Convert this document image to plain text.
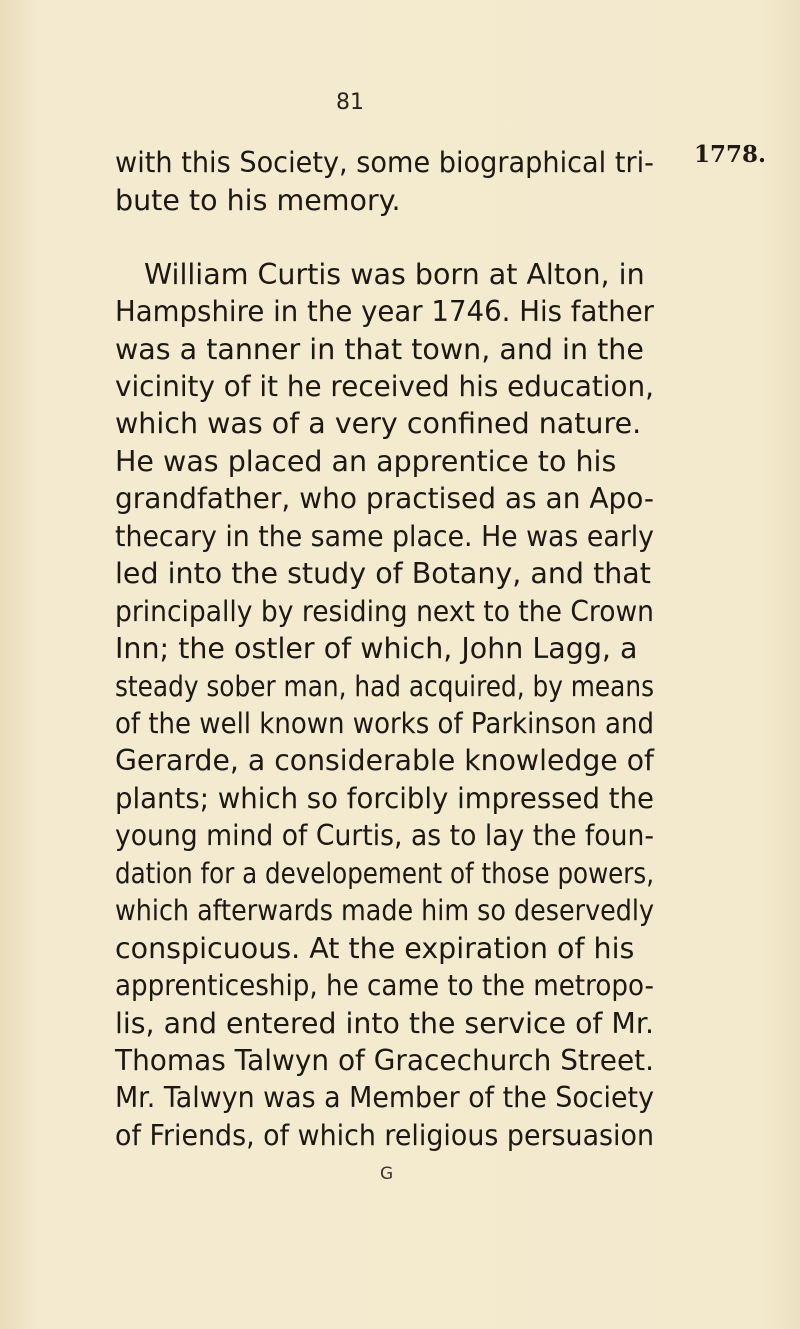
81
1778.
with this Society, some biographical tri-
bute to his memory.
William Curtis was born at Alton, in
Hampshire in the year 1746. His father
was a tanner in that town, and in the
vicinity of it he received his education,
which was of a very confined nature.
He was placed an apprentice to his
grandfather, who practised as an Apo-
thecary in the same place. He was early
led into the study of Botany, and that
principally by residing next to the Crown
Inn; the ostler of which, John Lagg, a
steady sober man, had acquired, by means
of the well known works of Parkinson and
Gerarde, a considerable knowledge of
plants; which so forcibly impressed the
young mind of Curtis, as to lay the foun-
dation for a developement of those powers,
which afterwards made him so deservedly
conspicuous. At the expiration of his
apprenticeship, he came to the metropo-
lis, and entered into the service of Mr.
Thomas Talwyn of Gracechurch Street.
Mr. Talwyn was a Member of the Society
of Friends, of which religious persuasion
G
